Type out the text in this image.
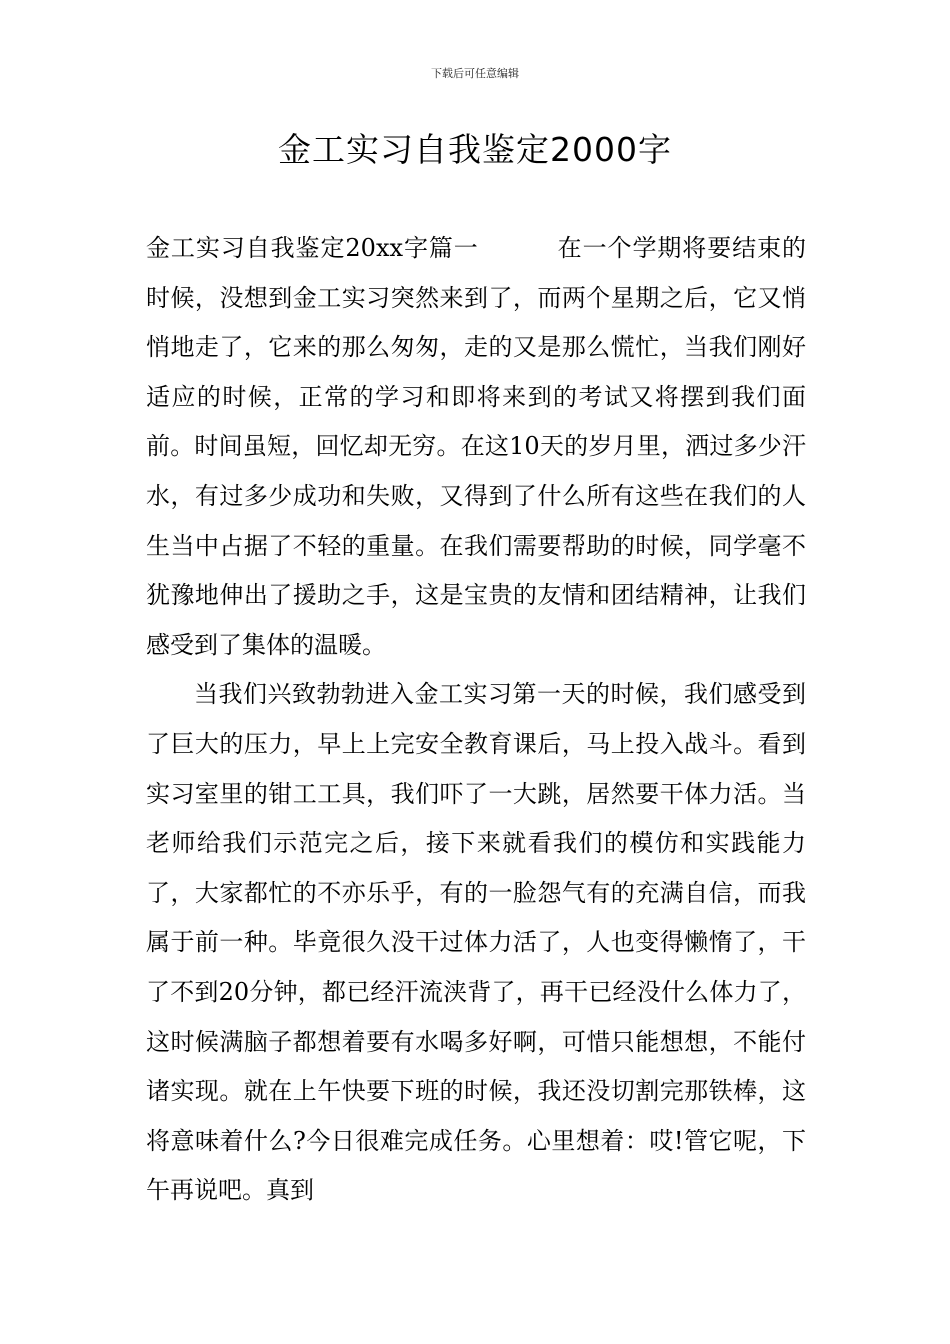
下载后可任意编辑
金工实习自我鉴定2000字

金工实习自我鉴定20xx字篇一	在一个学期将要结束的时候，没想到金工实习突然来到了，而两个星期之后，它又悄悄地走了，它来的那么匆匆，走的又是那么慌忙，当我们刚好适应的时候，正常的学习和即将来到的考试又将摆到我们面前。时间虽短，回忆却无穷。在这10天的岁月里，洒过多少汗水，有过多少成功和失败，又得到了什么所有这些在我们的人生当中占据了不轻的重量。在我们需要帮助的时候，同学毫不犹豫地伸出了援助之手，这是宝贵的友情和团结精神，让我们感受到了集体的温暖。

当我们兴致勃勃进入金工实习第一天的时候，我们感受到了巨大的压力，早上上完安全教育课后，马上投入战斗。看到实习室里的钳工工具，我们吓了一大跳，居然要干体力活。当老师给我们示范完之后，接下来就看我们的模仿和实践能力了，大家都忙的不亦乐乎，有的一脸怨气有的充满自信，而我属于前一种。毕竟很久没干过体力活了，人也变得懒惰了，干了不到20分钟，都已经汗流浃背了，再干已经没什么体力了，这时候满脑子都想着要有水喝多好啊，可惜只能想想，不能付诸实现。就在上午快要下班的时候，我还没切割完那铁棒，这将意味着什么?今日很难完成任务。心里想着：哎!管它呢，下午再说吧。真到
